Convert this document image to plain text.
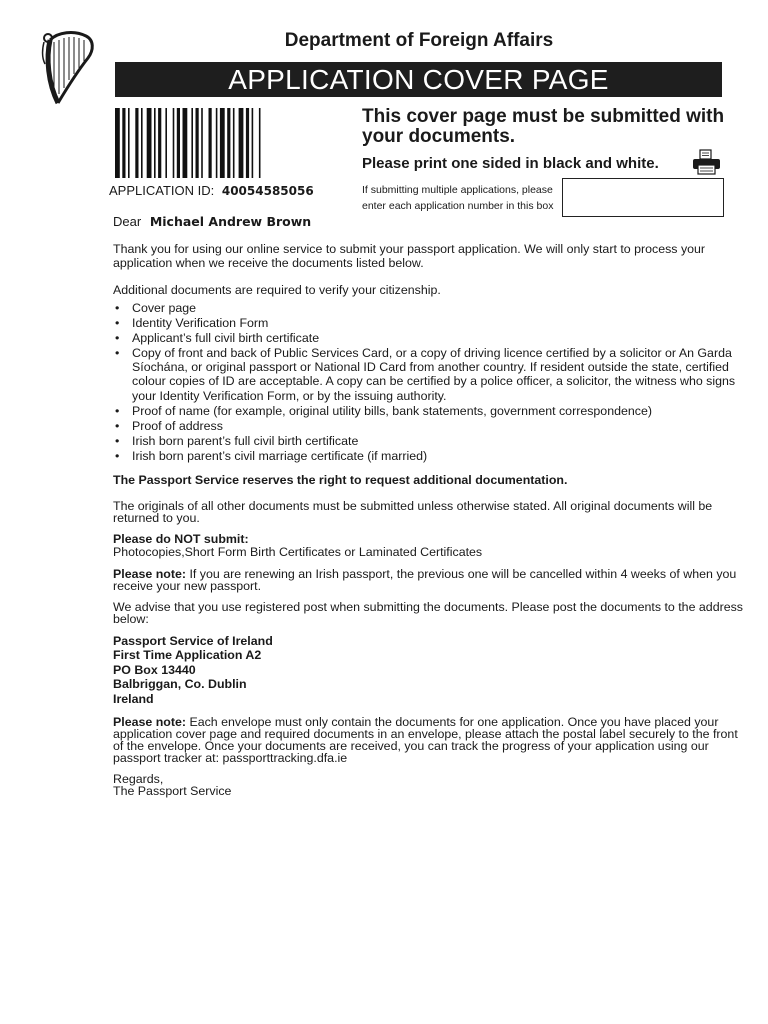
Department of Foreign Affairs
APPLICATION COVER PAGE
APPLICATION ID: 40054585056
This cover page must be submitted with your documents.
Please print one sided in black and white.
If submitting multiple applications, please enter each application number in this box
Dear Michael Andrew Brown

Thank you for using our online service to submit your passport application. We will only start to process your application when we receive the documents listed below.

Additional documents are required to verify your citizenship.

• Cover page
• Identity Verification Form
• Applicant’s full civil birth certificate
• Copy of front and back of Public Services Card, or a copy of driving licence certified by a solicitor or An Garda Síochána, or original passport or National ID Card from another country. If resident outside the state, certified colour copies of ID are acceptable. A copy can be certified by a police officer, a solicitor, the witness who signs your Identity Verification Form, or by the issuing authority.
• Proof of name (for example, original utility bills, bank statements, government correspondence)
• Proof of address
• Irish born parent’s full civil birth certificate
• Irish born parent’s civil marriage certificate (if married)

The Passport Service reserves the right to request additional documentation.

The originals of all other documents must be submitted unless otherwise stated. All original documents will be returned to you.

Please do NOT submit:

Photocopies,Short Form Birth Certificates or Laminated Certificates

Please note: If you are renewing an Irish passport, the previous one will be cancelled within 4 weeks of when you receive your new passport.

We advise that you use registered post when submitting the documents. Please post the documents to the address below:

Passport Service of Ireland

First Time Application A2

PO Box 13440

Balbriggan, Co. Dublin

Ireland

Please note: Each envelope must only contain the documents for one application. Once you have placed your application cover page and required documents in an envelope, please attach the postal label securely to the front of the envelope. Once your documents are received, you can track the progress of your application using our passport tracker at: passporttracking.dfa.ie

Regards,

The Passport Service
